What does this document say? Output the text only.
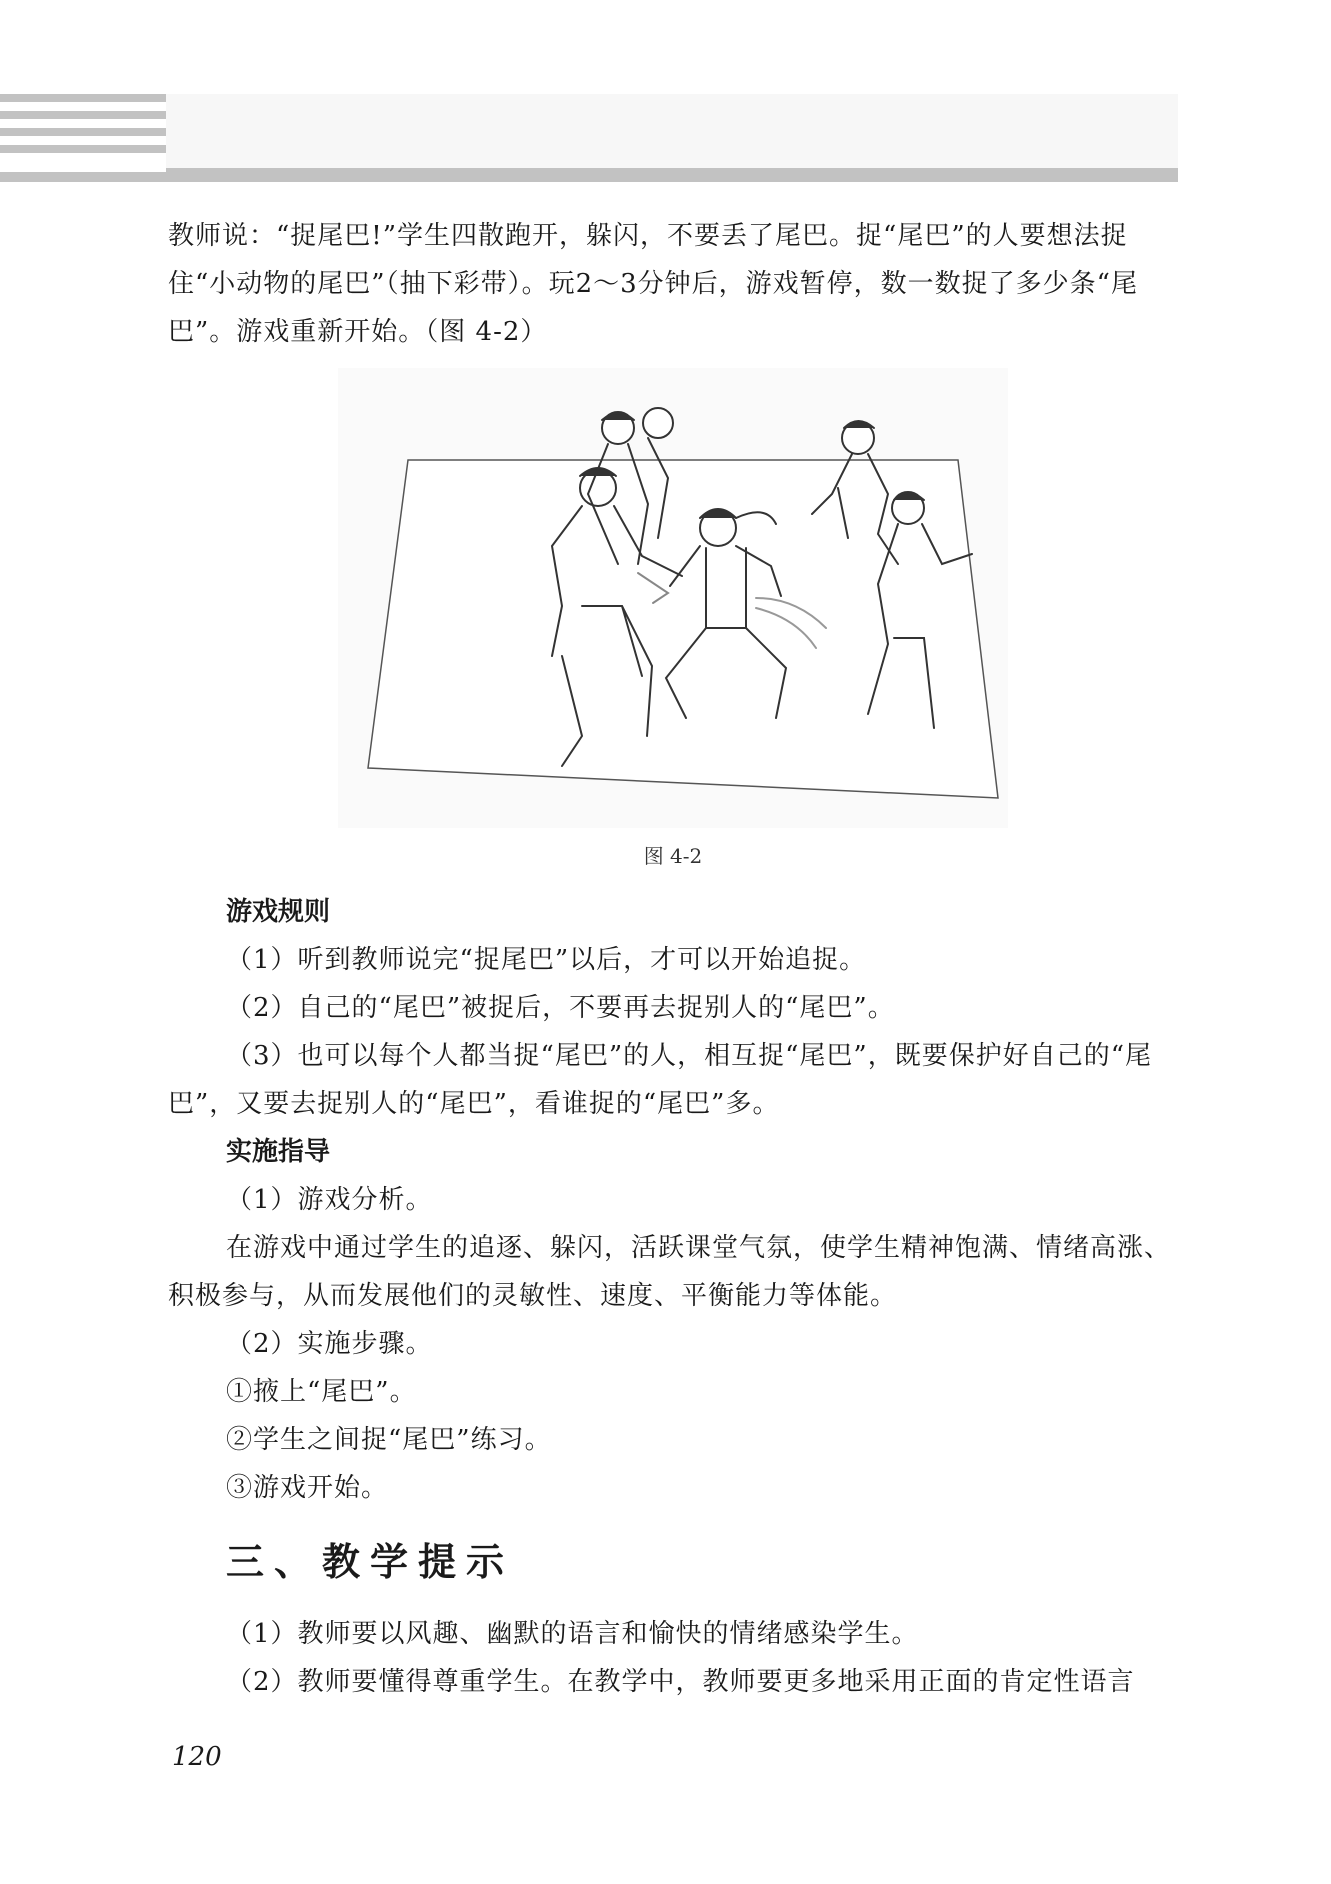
教师说：“捉尾巴!”学生四散跑开，躲闪，不要丢了尾巴。捉“尾巴”的人要想法捉住“小动物的尾巴”（抽下彩带）。玩2～3分钟后，游戏暂停，数一数捉了多少条“尾巴”。游戏重新开始。（图 4-2）

图 4-2

游戏规则

（1）听到教师说完“捉尾巴”以后，才可以开始追捉。

（2）自己的“尾巴”被捉后，不要再去捉别人的“尾巴”。

（3）也可以每个人都当捉“尾巴”的人，相互捉“尾巴”，既要保护好自己的“尾巴”，又要去捉别人的“尾巴”，看谁捉的“尾巴”多。

实施指导

（1）游戏分析。

在游戏中通过学生的追逐、躲闪，活跃课堂气氛，使学生精神饱满、情绪高涨、积极参与，从而发展他们的灵敏性、速度、平衡能力等体能。

（2）实施步骤。

①掖上“尾巴”。

②学生之间捉“尾巴”练习。

③游戏开始。

三、教学提示

（1）教师要以风趣、幽默的语言和愉快的情绪感染学生。

（2）教师要懂得尊重学生。在教学中，教师要更多地采用正面的肯定性语言

120
